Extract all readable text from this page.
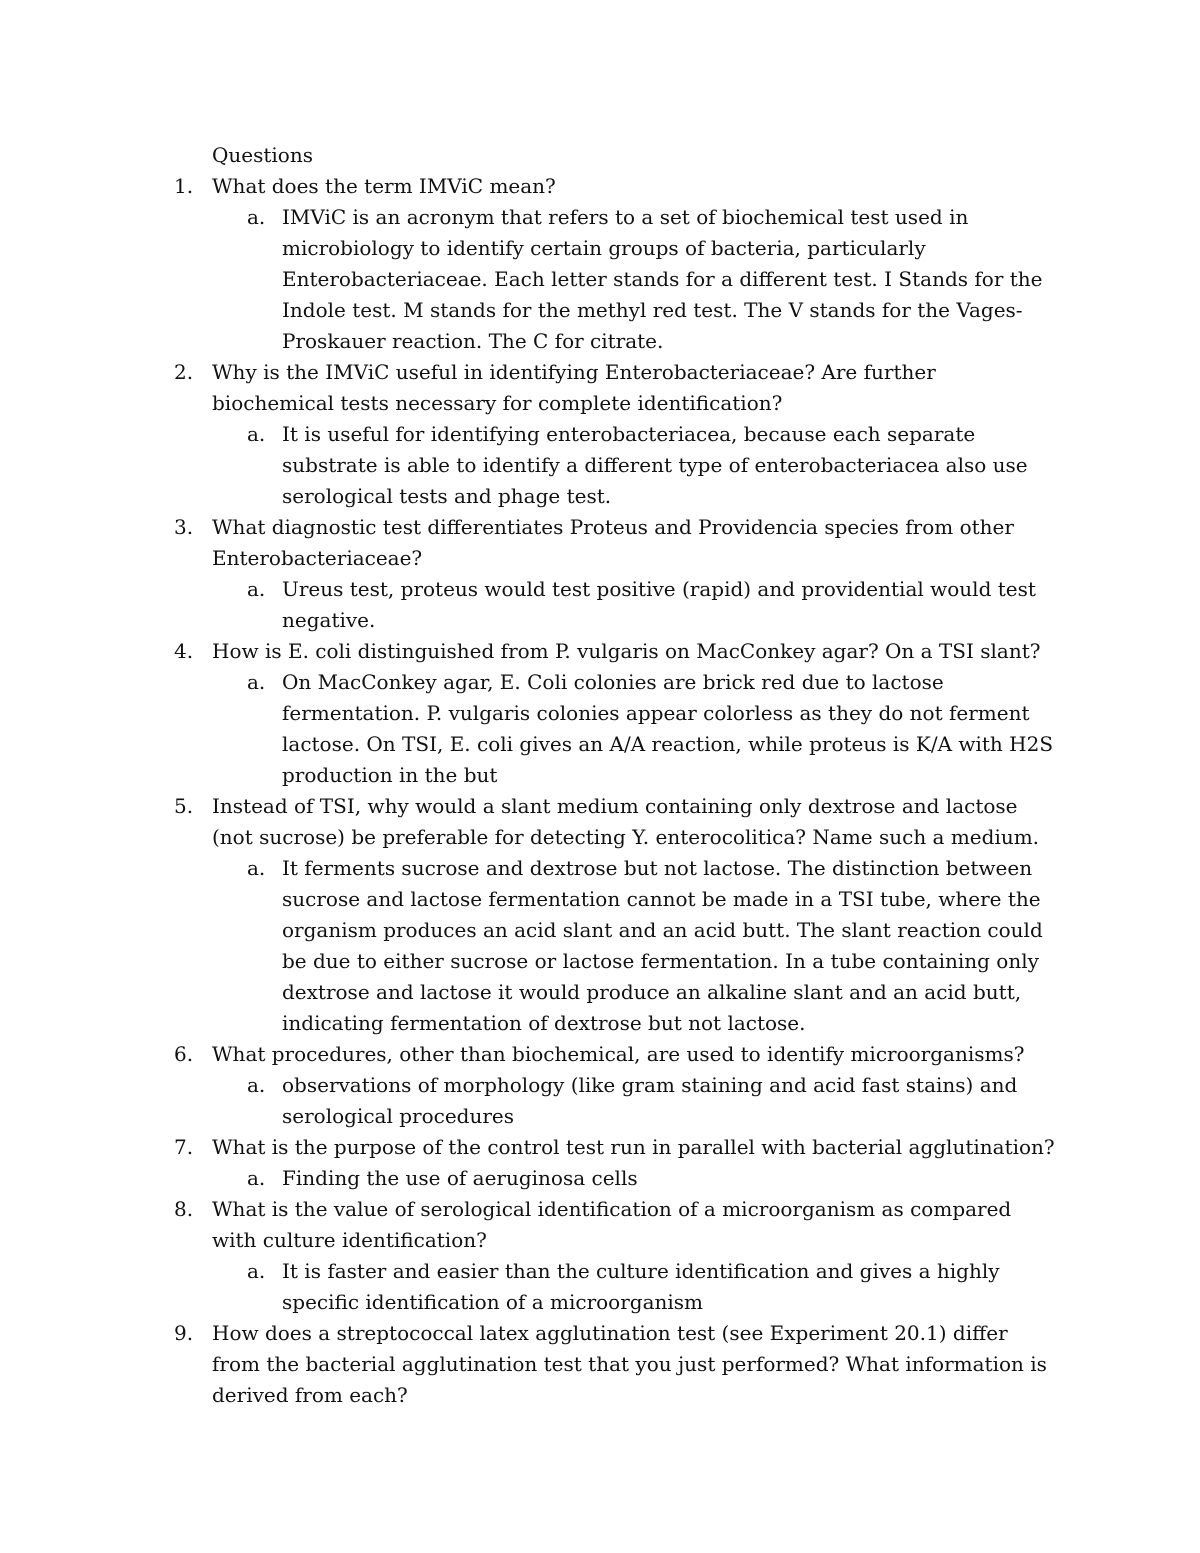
Questions

1. What does the term IMViC mean?
a. IMViC is an acronym that refers to a set of biochemical test used in microbiology to identify certain groups of bacteria, particularly Enterobacteriaceae. Each letter stands for a different test. I Stands for the Indole test. M stands for the methyl red test. The V stands for the Vages-Proskauer reaction. The C for citrate.
2. Why is the IMViC useful in identifying Enterobacteriaceae? Are further biochemical tests necessary for complete identification?
a. It is useful for identifying enterobacteriacea, because each separate substrate is able to identify a different type of enterobacteriacea also use serological tests and phage test.
3. What diagnostic test differentiates Proteus and Providencia species from other Enterobacteriaceae?
a. Ureus test, proteus would test positive (rapid) and providential would test negative.
4. How is E. coli distinguished from P. vulgaris on MacConkey agar? On a TSI slant?
a. On MacConkey agar, E. Coli colonies are brick red due to lactose fermentation. P. vulgaris colonies appear colorless as they do not ferment lactose. On TSI, E. coli gives an A/A reaction, while proteus is K/A with H2S production in the but
5. Instead of TSI, why would a slant medium containing only dextrose and lactose (not sucrose) be preferable for detecting Y. enterocolitica? Name such a medium.
a. It ferments sucrose and dextrose but not lactose. The distinction between sucrose and lactose fermentation cannot be made in a TSI tube, where the organism produces an acid slant and an acid butt. The slant reaction could be due to either sucrose or lactose fermentation. In a tube containing only dextrose and lactose it would produce an alkaline slant and an acid butt, indicating fermentation of dextrose but not lactose.
6. What procedures, other than biochemical, are used to identify microorganisms?
a. observations of morphology (like gram staining and acid fast stains) and serological procedures
7. What is the purpose of the control test run in parallel with bacterial agglutination?
a. Finding the use of aeruginosa cells
8. What is the value of serological identification of a microorganism as compared with culture identification?
a. It is faster and easier than the culture identification and gives a highly specific identification of a microorganism
9. How does a streptococcal latex agglutination test (see Experiment 20.1) differ from the bacterial agglutination test that you just performed? What information is derived from each?
